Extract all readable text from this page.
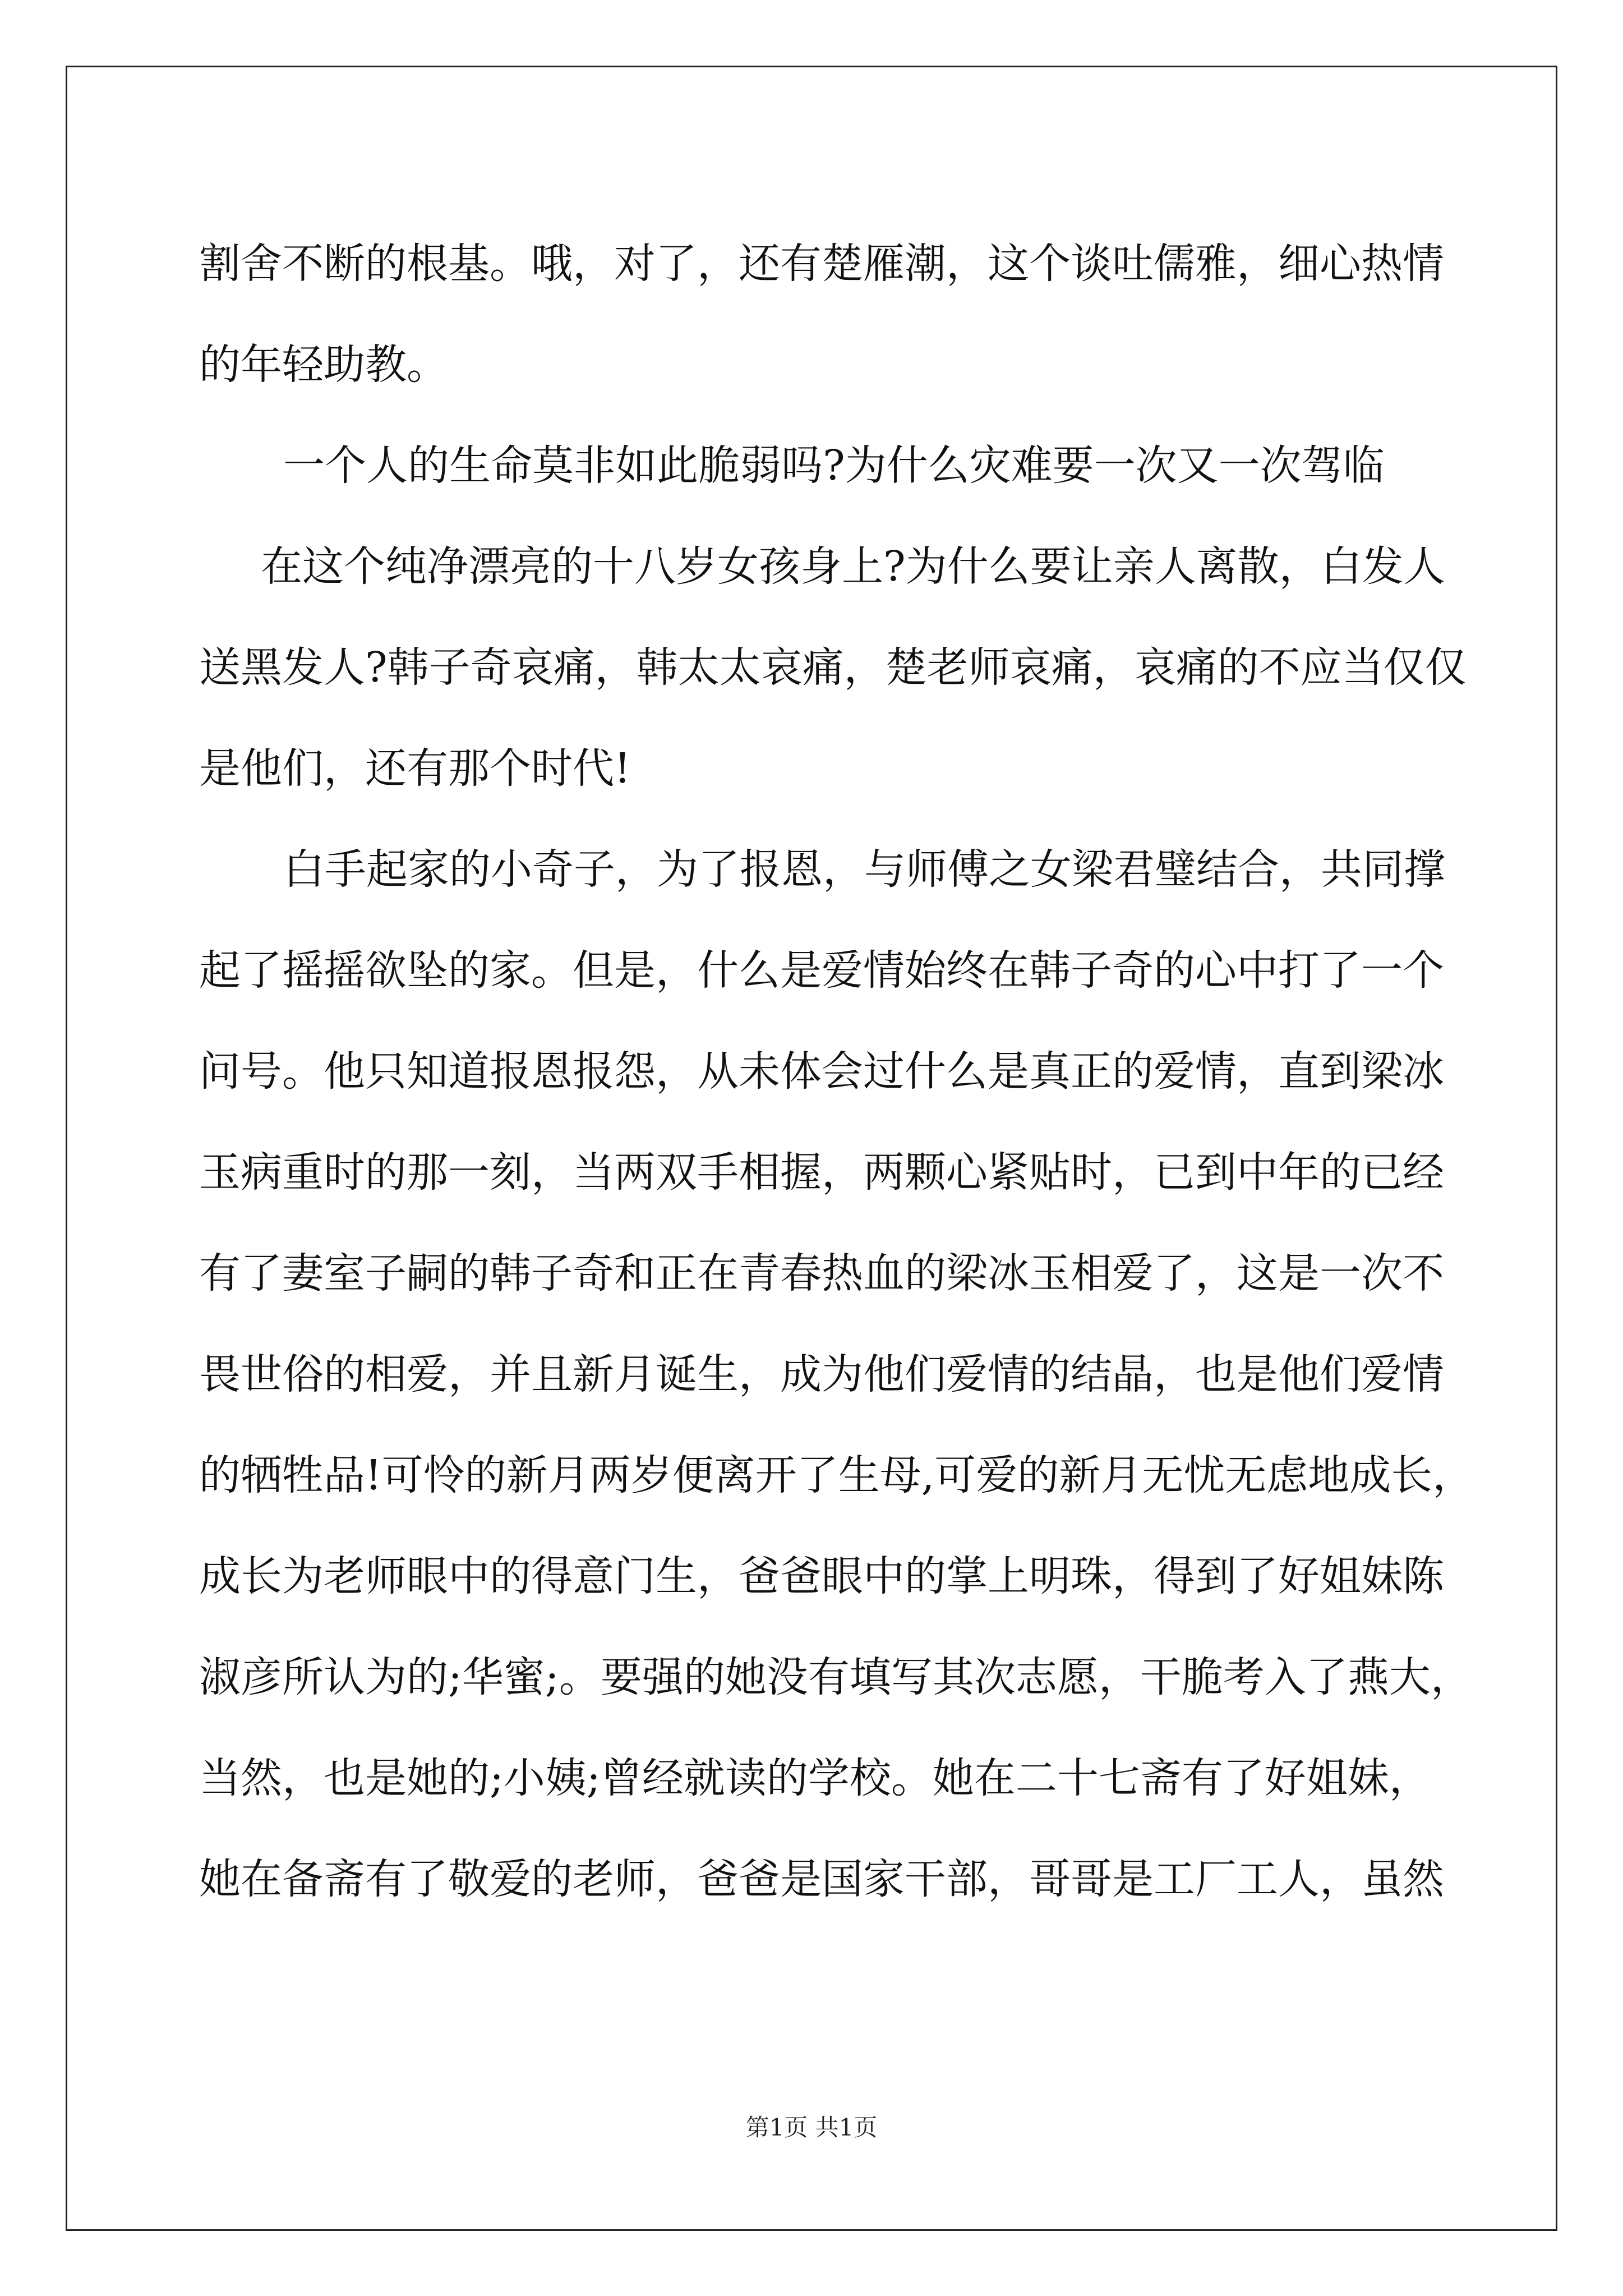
割舍不断的根基。哦，对了，还有楚雁潮，这个谈吐儒雅，细心热情
的年轻助教。
一个人的生命莫非如此脆弱吗?为什么灾难要一次又一次驾临
在这个纯净漂亮的十八岁女孩身上?为什么要让亲人离散，白发人
送黑发人?韩子奇哀痛，韩太太哀痛，楚老师哀痛，哀痛的不应当仅仅
是他们，还有那个时代!
白手起家的小奇子，为了报恩，与师傅之女梁君璧结合，共同撑
起了摇摇欲坠的家。但是，什么是爱情始终在韩子奇的心中打了一个
问号。他只知道报恩报怨，从未体会过什么是真正的爱情，直到梁冰
玉病重时的那一刻，当两双手相握，两颗心紧贴时，已到中年的已经
有了妻室子嗣的韩子奇和正在青春热血的梁冰玉相爱了，这是一次不
畏世俗的相爱，并且新月诞生，成为他们爱情的结晶，也是他们爱情
的牺牲品!可怜的新月两岁便离开了生母,可爱的新月无忧无虑地成长，
成长为老师眼中的得意门生，爸爸眼中的掌上明珠，得到了好姐妹陈
淑彦所认为的;华蜜;。要强的她没有填写其次志愿，干脆考入了燕大，
当然，也是她的;小姨;曾经就读的学校。她在二十七斋有了好姐妹，
她在备斋有了敬爱的老师，爸爸是国家干部，哥哥是工厂工人，虽然
第1页 共1页
